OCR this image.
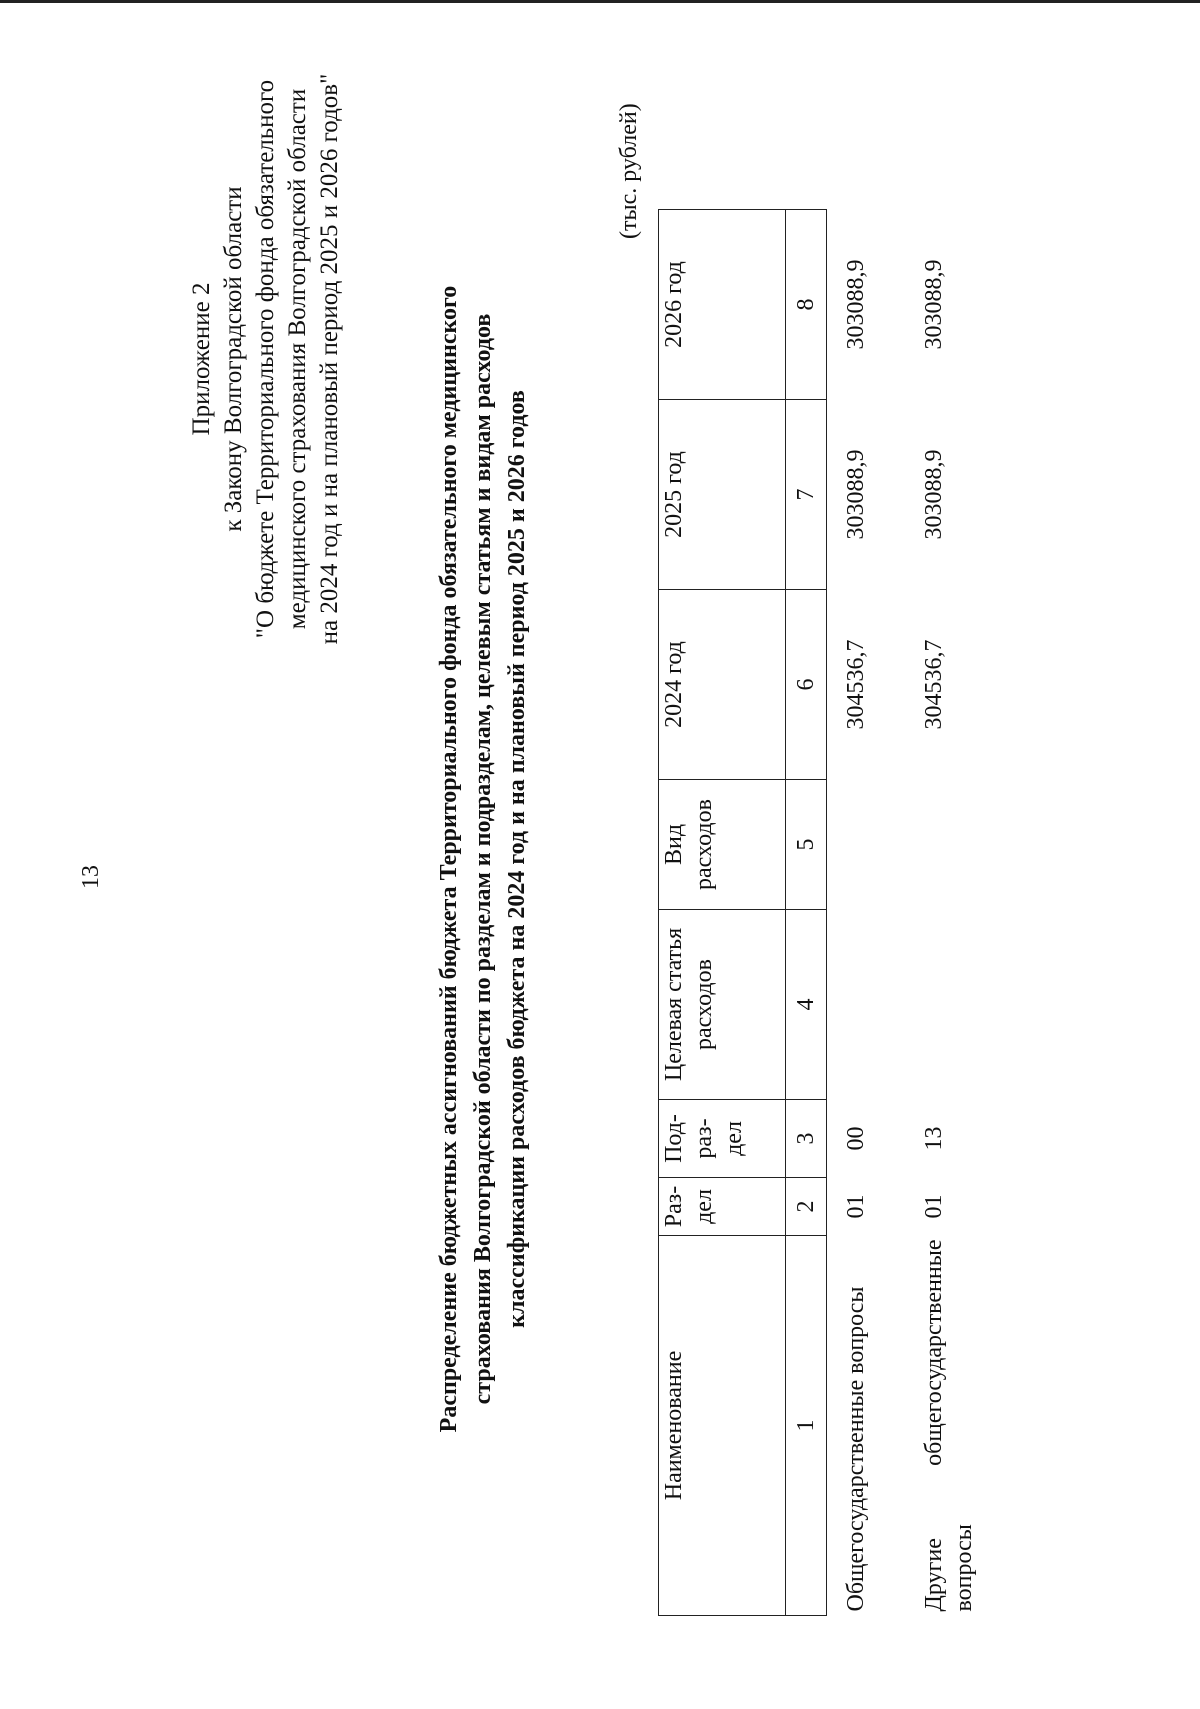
13
Приложение 2 к Закону Волгоградской области "О бюджете Территориального фонда обязательного медицинского страхования Волгоградской области на 2024 год и на плановый период 2025 и 2026 годов"	Распределение бюджетных ассигнований бюджета Территориального фонда обязательного медицинского страхования Волгоградской области по разделам и подразделам, целевым статьям и видам расходов классификации расходов бюджета на 2024 год и на плановый период 2025 и 2026 годов
(тыс. рублей)
Наименование	Раз-дел	Под-раз-дел	Целевая статья расходов	Вид расходов	2024 год	2025 год	2026 год
1	2	3	4	5	6	7	8
Общегосударственные вопросы	01	00			304536,7	303088,9	303088,9

Другие
общегосударственные
вопросы	01	13			304536,7	303088,9	303088,9
